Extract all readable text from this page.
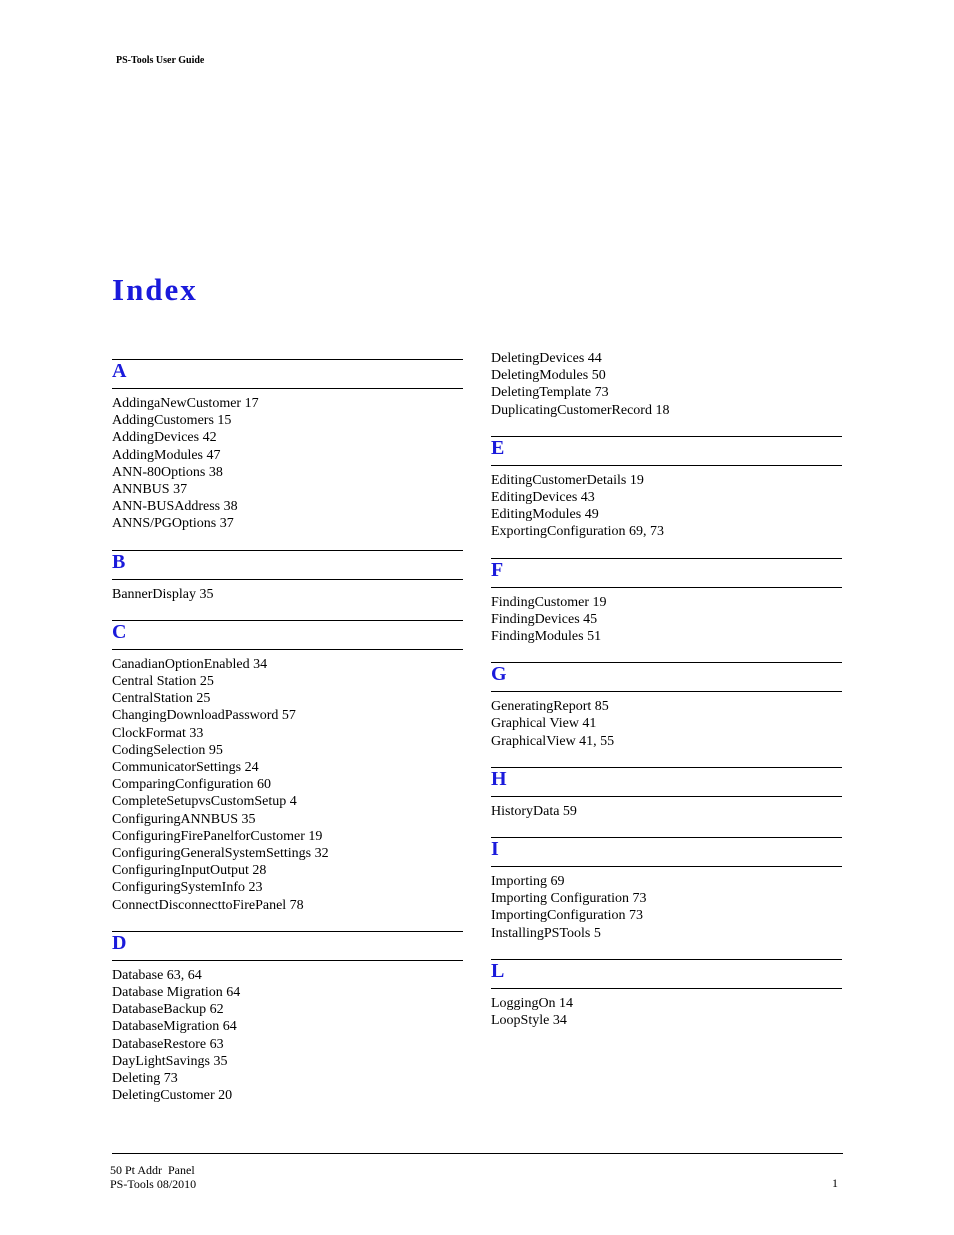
PS-Tools User Guide
Index
A
AddingaNewCustomer 17
AddingCustomers 15
AddingDevices 42
AddingModules 47
ANN-80Options 38
ANNBUS 37
ANN-BUSAddress 38
ANNS/PGOptions 37
B
BannerDisplay 35
C
CanadianOptionEnabled 34
Central Station 25
CentralStation 25
ChangingDownloadPassword 57
ClockFormat 33
CodingSelection 95
CommunicatorSettings 24
ComparingConfiguration 60
CompleteSetupvsCustomSetup 4
ConfiguringANNBUS 35
ConfiguringFirePanelforCustomer 19
ConfiguringGeneralSystemSettings 32
ConfiguringInputOutput 28
ConfiguringSystemInfo 23
ConnectDisconnecttoFirePanel 78
D
Database 63, 64
Database Migration 64
DatabaseBackup 62
DatabaseMigration 64
DatabaseRestore 63
DayLightSavings 35
Deleting 73
DeletingCustomer 20
DeletingDevices 44
DeletingModules 50
DeletingTemplate 73
DuplicatingCustomerRecord 18
E
EditingCustomerDetails 19
EditingDevices 43
EditingModules 49
ExportingConfiguration 69, 73
F
FindingCustomer 19
FindingDevices 45
FindingModules 51
G
GeneratingReport 85
Graphical View 41
GraphicalView 41, 55
H
HistoryData 59
I
Importing 69
Importing Configuration 73
ImportingConfiguration 73
InstallingPSTools 5
L
LoggingOn 14
LoopStyle 34
50 Pt Addr  Panel
PS-Tools 08/2010	1
